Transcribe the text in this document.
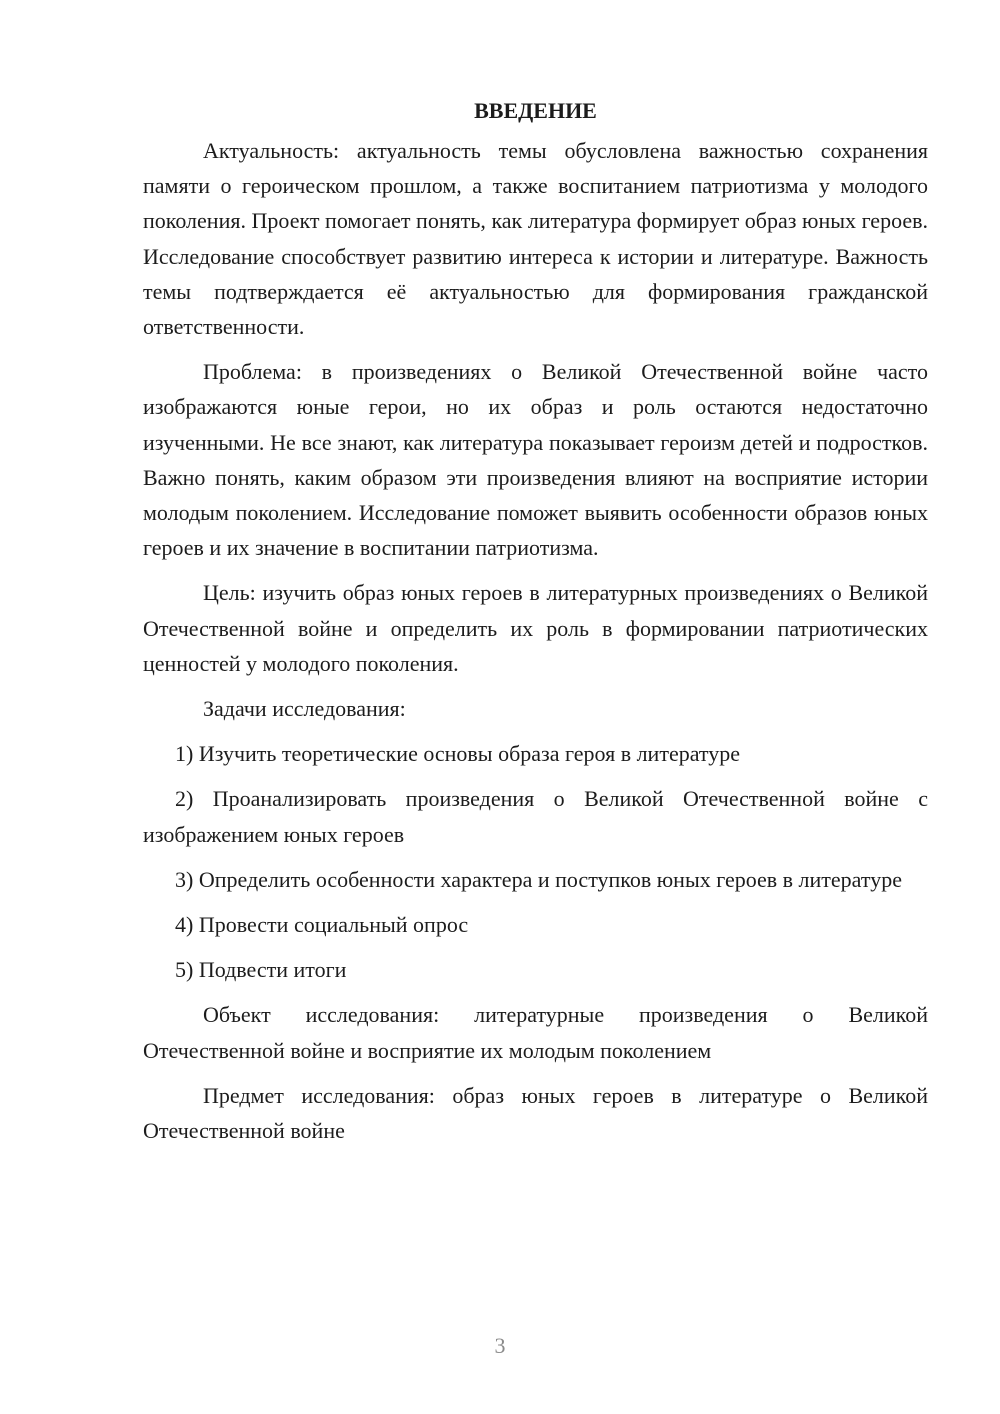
ВВЕДЕНИЕ

Актуальность: актуальность темы обусловлена важностью сохранения памяти о героическом прошлом, а также воспитанием патриотизма у молодого поколения. Проект помогает понять, как литература формирует образ юных героев. Исследование способствует развитию интереса к истории и литературе. Важность темы подтверждается её актуальностью для формирования гражданской ответственности.

Проблема: в произведениях о Великой Отечественной войне часто изображаются юные герои, но их образ и роль остаются недостаточно изученными. Не все знают, как литература показывает героизм детей и подростков. Важно понять, каким образом эти произведения влияют на восприятие истории молодым поколением. Исследование поможет выявить особенности образов юных героев и их значение в воспитании патриотизма.

Цель: изучить образ юных героев в литературных произведениях о Великой Отечественной войне и определить их роль в формировании патриотических ценностей у молодого поколения.

Задачи исследования:

1) Изучить теоретические основы образа героя в литературе

2) Проанализировать произведения о Великой Отечественной войне с изображением юных героев

3) Определить особенности характера и поступков юных героев в литературе

4) Провести социальный опрос

5) Подвести итоги

Объект исследования: литературные произведения о Великой Отечественной войне и восприятие их молодым поколением

Предмет исследования: образ юных героев в литературе о Великой Отечественной войне

3
